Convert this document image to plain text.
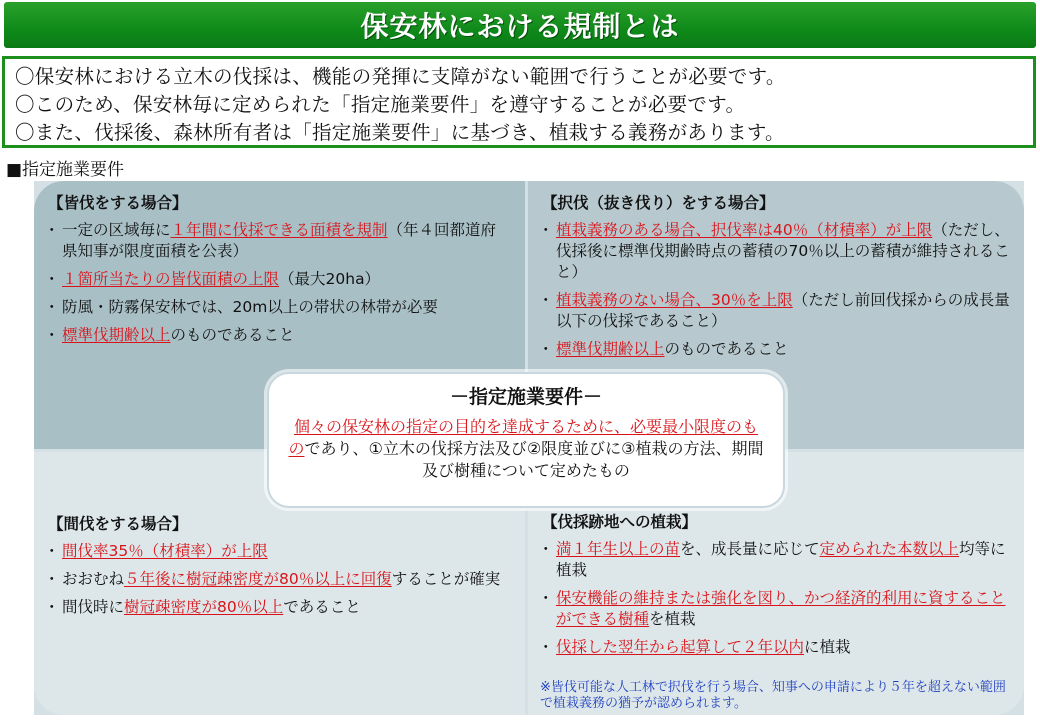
保安林における規制とは
〇保安林における立木の伐採は、機能の発揮に支障がない範囲で行うことが必要です。
〇このため、保安林毎に定められた「指定施業要件」を遵守することが必要です。
〇また、伐採後、森林所有者は「指定施業要件」に基づき、植栽する義務があります。
■指定施業要件
【皆伐をする場合】
・ 一定の区域毎に１年間に伐採できる面積を規制（年４回都道府県知事が限度面積を公表）
・ １箇所当たりの皆伐面積の上限（最大20ha）
・ 防風・防霧保安林では、20m以上の帯状の林帯が必要
・ 標準伐期齢以上のものであること
【択伐（抜き伐り）をする場合】
・ 植栽義務のある場合、択伐率は40％（材積率）が上限（ただし、伐採後に標準伐期齢時点の蓄積の70％以上の蓄積が維持されること）
・ 植栽義務のない場合、30％を上限（ただし前回伐採からの成長量以下の伐採であること）
・ 標準伐期齢以上のものであること
【間伐をする場合】
・ 間伐率35％（材積率）が上限
・ おおむね５年後に樹冠疎密度が80％以上に回復することが確実
・ 間伐時に樹冠疎密度が80％以上であること
【伐採跡地への植栽】
・ 満１年生以上の苗を、成長量に応じて定められた本数以上均等に植栽
・ 保安機能の維持または強化を図り、かつ経済的利用に資することができる樹種を植栽
・ 伐採した翌年から起算して２年以内に植栽
※皆伐可能な人工林で択伐を行う場合、知事への申請により５年を超えない範囲で植栽義務の猶予が認められます。
－指定施業要件－
個々の保安林の指定の目的を達成するために、必要最小限度のものであり、①立木の伐採方法及び②限度並びに③植栽の方法、期間及び樹種について定めたもの
